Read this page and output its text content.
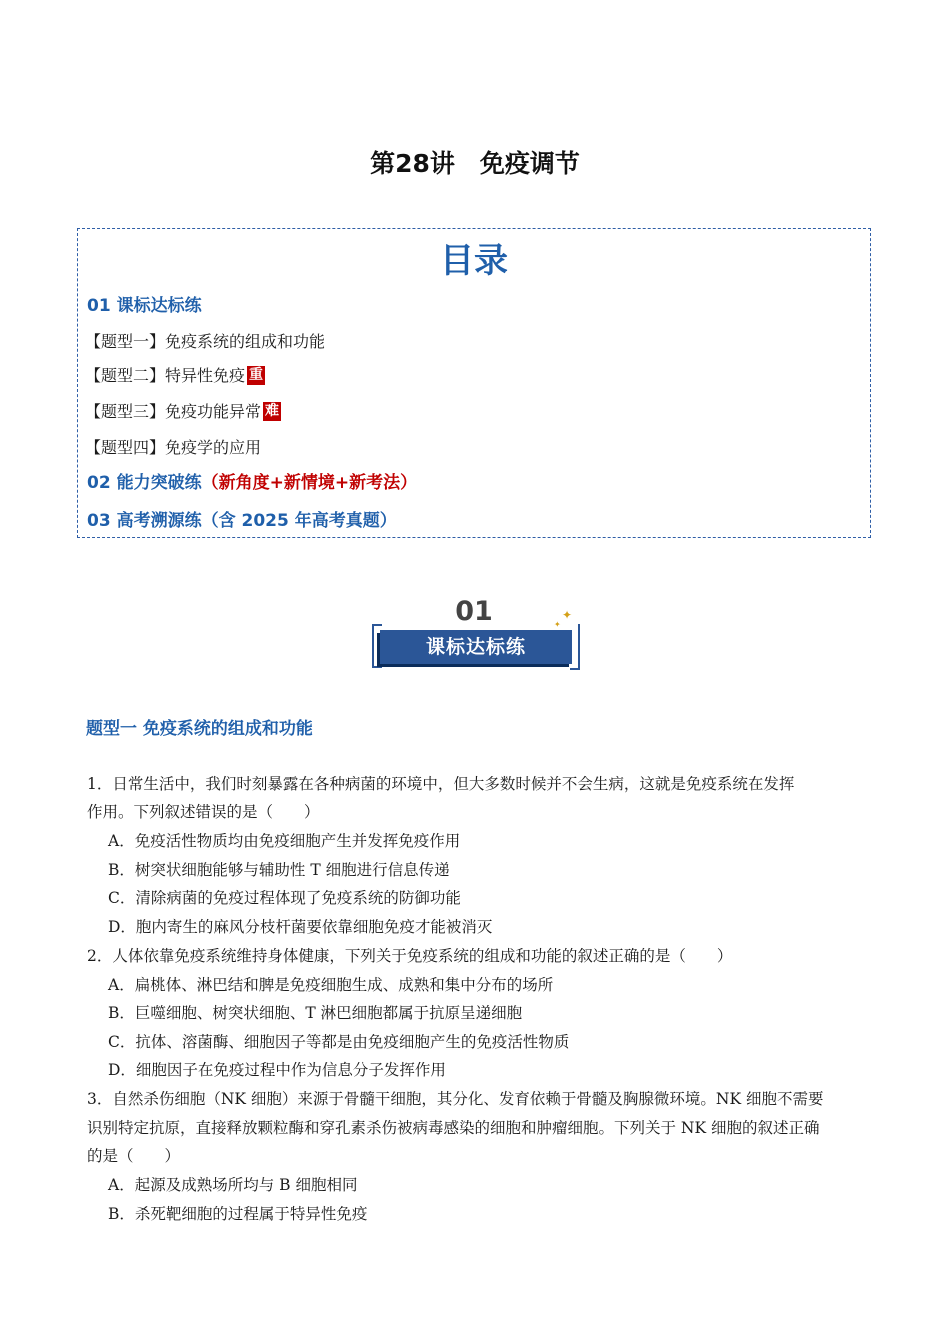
第28讲　免疫调节
目录
01 课标达标练
【题型一】免疫系统的组成和功能
【题型二】特异性免疫 重
【题型三】免疫功能异常 难
【题型四】免疫学的应用
02 能力突破练（新角度+新情境+新考法）
03 高考溯源练（含 2025 年高考真题）
01
课标达标练
✦
✦
题型一 免疫系统的组成和功能
1．日常生活中，我们时刻暴露在各种病菌的环境中，但大多数时候并不会生病，这就是免疫系统在发挥
作用。下列叙述错误的是（　　）
A．免疫活性物质均由免疫细胞产生并发挥免疫作用
B．树突状细胞能够与辅助性 T 细胞进行信息传递
C．清除病菌的免疫过程体现了免疫系统的防御功能
D．胞内寄生的麻风分枝杆菌要依靠细胞免疫才能被消灭
2．人体依靠免疫系统维持身体健康，下列关于免疫系统的组成和功能的叙述正确的是（　　）
A．扁桃体、淋巴结和脾是免疫细胞生成、成熟和集中分布的场所
B．巨噬细胞、树突状细胞、T 淋巴细胞都属于抗原呈递细胞
C．抗体、溶菌酶、细胞因子等都是由免疫细胞产生的免疫活性物质
D．细胞因子在免疫过程中作为信息分子发挥作用
3．自然杀伤细胞（NK 细胞）来源于骨髓干细胞，其分化、发育依赖于骨髓及胸腺微环境。NK 细胞不需要
识别特定抗原，直接释放颗粒酶和穿孔素杀伤被病毒感染的细胞和肿瘤细胞。下列关于 NK 细胞的叙述正确
的是（　　）
A．起源及成熟场所均与 B 细胞相同
B．杀死靶细胞的过程属于特异性免疫
